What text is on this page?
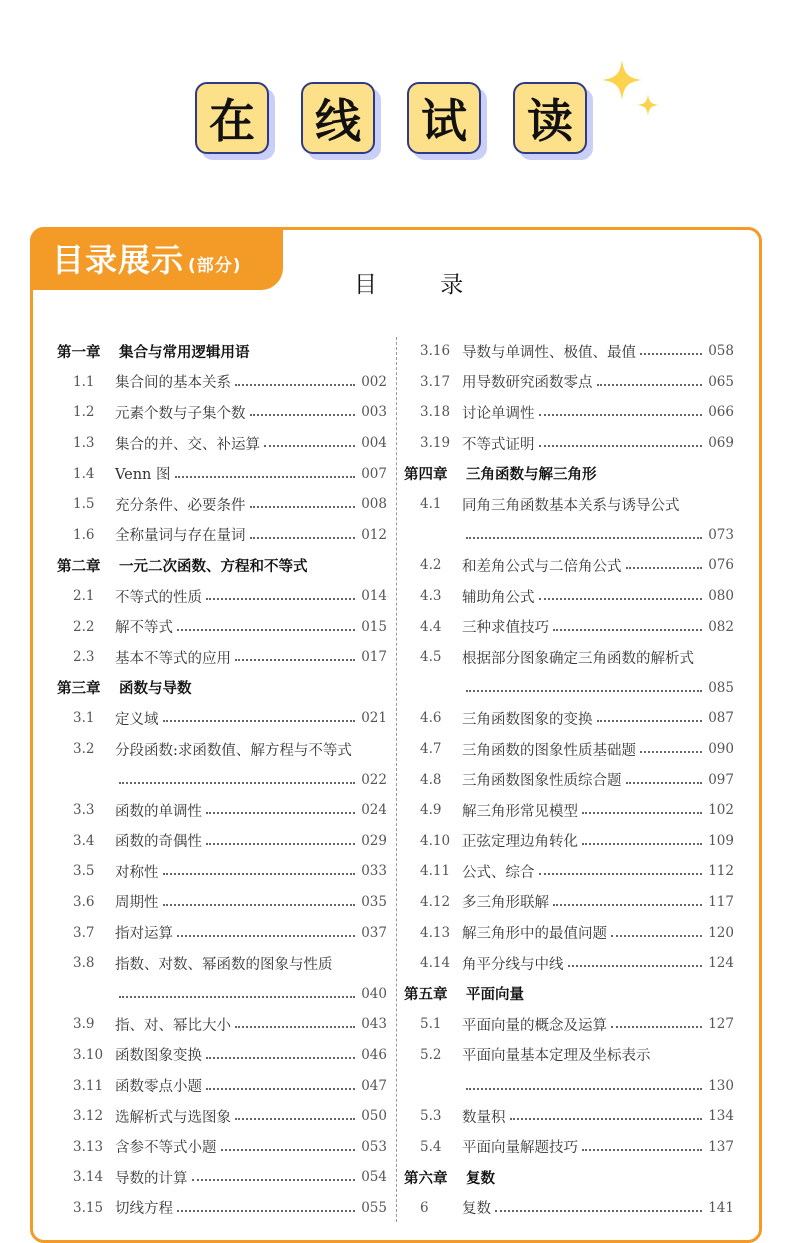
在	线	试	读
目录展示 (部分)
目 录
第一章	集合与常用逻辑用语
1.1	集合间的基本关系	002
1.2	元素个数与子集个数	003
1.3	集合的并、交、补运算	004
1.4	Venn 图	007
1.5	充分条件、必要条件	008
1.6	全称量词与存在量词	012
第二章	一元二次函数、方程和不等式
2.1	不等式的性质	014
2.2	解不等式	015
2.3	基本不等式的应用	017
第三章	函数与导数
3.1	定义域	021
3.2	分段函数:求函数值、解方程与不等式
022
3.3	函数的单调性	024
3.4	函数的奇偶性	029
3.5	对称性	033
3.6	周期性	035
3.7	指对运算	037
3.8	指数、对数、幂函数的图象与性质
040
3.9	指、对、幂比大小	043
3.10 函数图象变换	046
3.11 函数零点小题	047
3.12 选解析式与选图象	050
3.13 含参不等式小题	053
3.14 导数的计算	054
3.15 切线方程	055
3.16 导数与单调性、极值、最值	058
3.17 用导数研究函数零点	065
3.18 讨论单调性	066
3.19 不等式证明	069
第四章	三角函数与解三角形
4.1	同角三角函数基本关系与诱导公式
073
4.2	和差角公式与二倍角公式	076
4.3	辅助角公式	080
4.4	三种求值技巧	082
4.5	根据部分图象确定三角函数的解析式
085
4.6	三角函数图象的变换	087
4.7	三角函数的图象性质基础题	090
4.8	三角函数图象性质综合题	097
4.9	解三角形常见模型	102
4.10 正弦定理边角转化	109
4.11 公式、综合	112
4.12 多三角形联解	117
4.13 解三角形中的最值问题	120
4.14 角平分线与中线	124
第五章	平面向量
5.1	平面向量的概念及运算	127
5.2	平面向量基本定理及坐标表示
130
5.3	数量积	134
5.4	平面向量解题技巧	137
第六章	复数
6	复数	141
